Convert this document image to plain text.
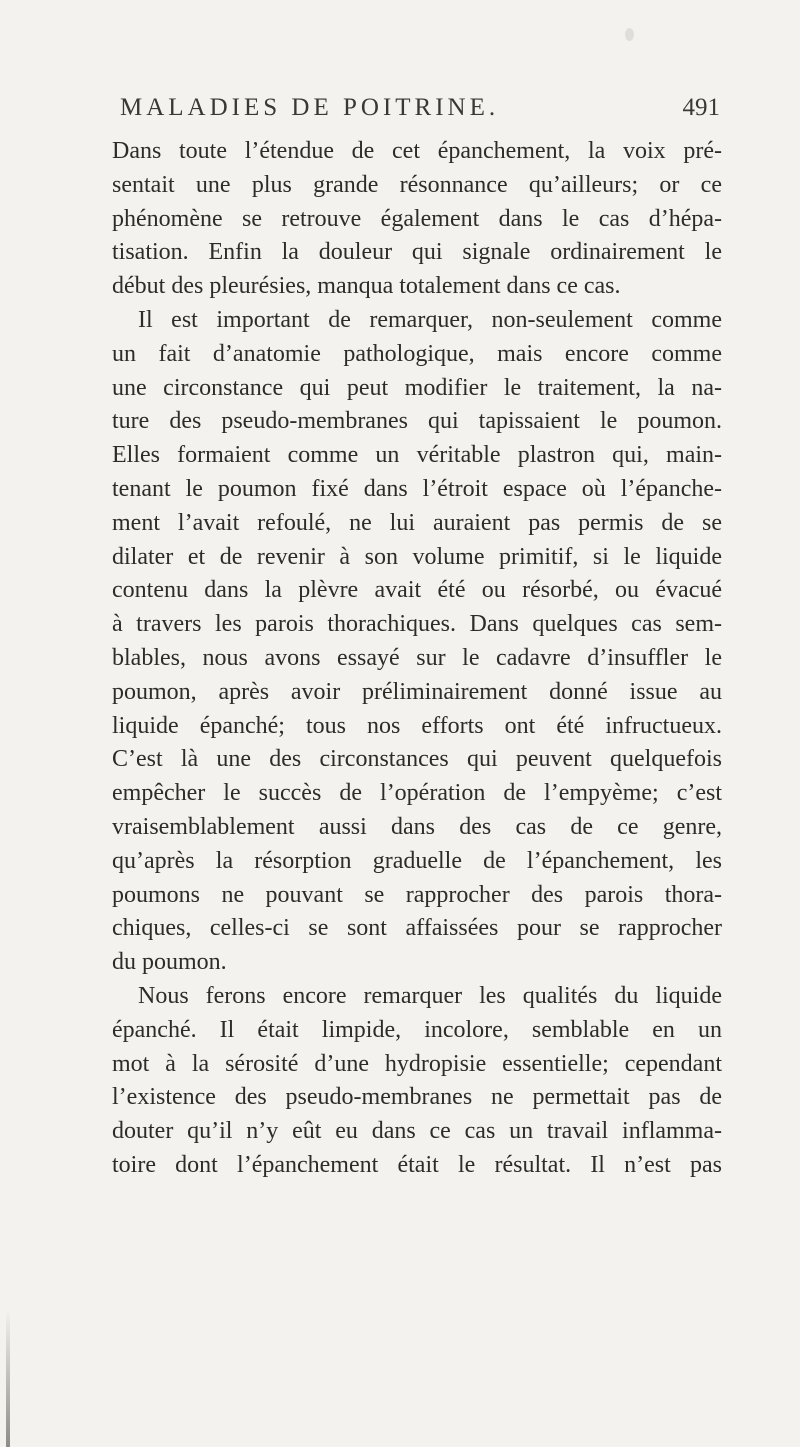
MALADIES DE POITRINE.	491
Dans toute l’étendue de cet épanchement, la voix pré-
sentait une plus grande résonnance qu’ailleurs; or ce
phénomène se retrouve également dans le cas d’hépa-
tisation. Enfin la douleur qui signale ordinairement le
début des pleurésies, manqua totalement dans ce cas.
Il est important de remarquer, non-seulement comme
un fait d’anatomie pathologique, mais encore comme
une circonstance qui peut modifier le traitement, la na-
ture des pseudo-membranes qui tapissaient le poumon.
Elles formaient comme un véritable plastron qui, main-
tenant le poumon fixé dans l’étroit espace où l’épanche-
ment l’avait refoulé, ne lui auraient pas permis de se
dilater et de revenir à son volume primitif, si le liquide
contenu dans la plèvre avait été ou résorbé, ou évacué
à travers les parois thorachiques. Dans quelques cas sem-
blables, nous avons essayé sur le cadavre d’insuffler le
poumon, après avoir préliminairement donné issue au
liquide épanché; tous nos efforts ont été infructueux.
C’est là une des circonstances qui peuvent quelquefois
empêcher le succès de l’opération de l’empyème; c’est
vraisemblablement aussi dans des cas de ce genre,
qu’après la résorption graduelle de l’épanchement, les
poumons ne pouvant se rapprocher des parois thora-
chiques, celles-ci se sont affaissées pour se rapprocher
du poumon.
Nous ferons encore remarquer les qualités du liquide
épanché. Il était limpide, incolore, semblable en un
mot à la sérosité d’une hydropisie essentielle; cependant
l’existence des pseudo-membranes ne permettait pas de
douter qu’il n’y eût eu dans ce cas un travail inflamma-
toire dont l’épanchement était le résultat. Il n’est pas
